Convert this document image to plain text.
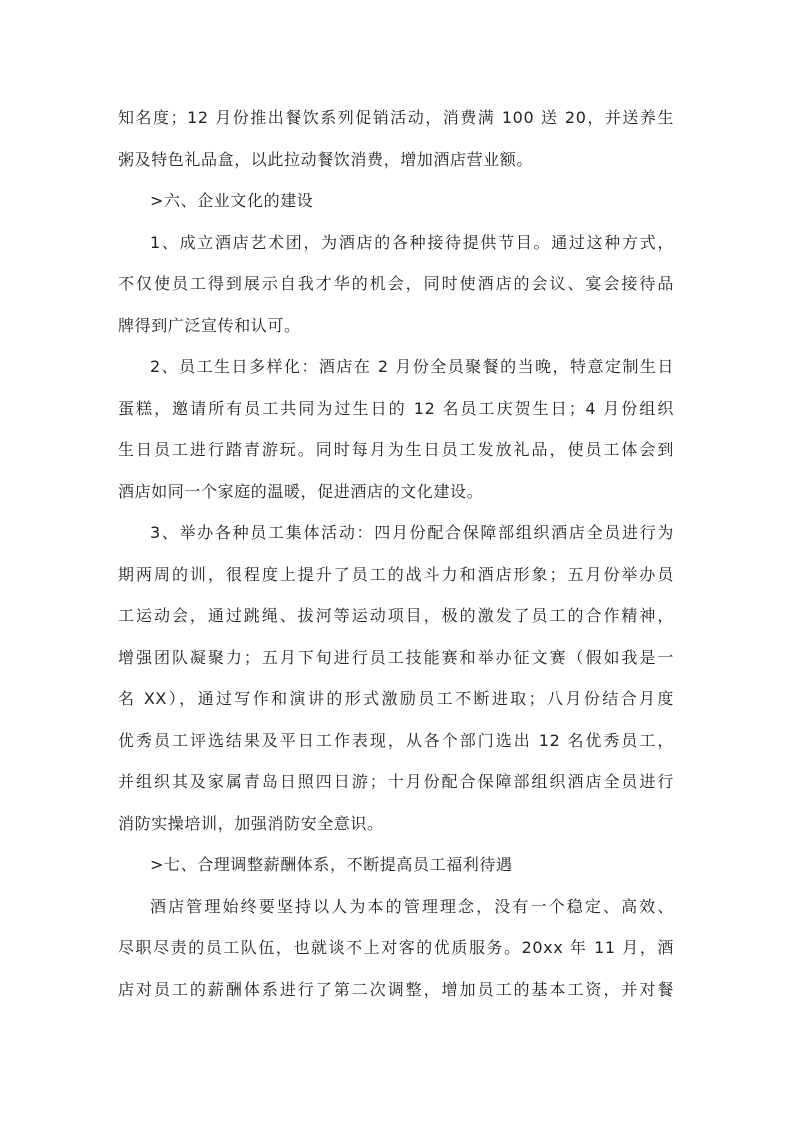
知名度；12 月份推出餐饮系列促销活动，消费满 100 送 20，并送养生
粥及特色礼品盒，以此拉动餐饮消费，增加酒店营业额。
>六、企业文化的建设
1、成立酒店艺术团，为酒店的各种接待提供节目。通过这种方式，
不仅使员工得到展示自我才华的机会，同时使酒店的会议、宴会接待品
牌得到广泛宣传和认可。
2、员工生日多样化：酒店在 2 月份全员聚餐的当晚，特意定制生日
蛋糕，邀请所有员工共同为过生日的 12 名员工庆贺生日；4 月份组织
生日员工进行踏青游玩。同时每月为生日员工发放礼品，使员工体会到
酒店如同一个家庭的温暖，促进酒店的文化建设。
3、举办各种员工集体活动：四月份配合保障部组织酒店全员进行为
期两周的训，很程度上提升了员工的战斗力和酒店形象；五月份举办员
工运动会，通过跳绳、拔河等运动项目，极的激发了员工的合作精神，
增强团队凝聚力；五月下旬进行员工技能赛和举办征文赛（假如我是一
名 XX），通过写作和演讲的形式激励员工不断进取；八月份结合月度
优秀员工评选结果及平日工作表现，从各个部门选出 12 名优秀员工，
并组织其及家属青岛日照四日游；十月份配合保障部组织酒店全员进行
消防实操培训，加强消防安全意识。
>七、合理调整薪酬体系，不断提高员工福利待遇
酒店管理始终要坚持以人为本的管理理念，没有一个稳定、高效、
尽职尽责的员工队伍，也就谈不上对客的优质服务。20xx 年 11 月，酒
店对员工的薪酬体系进行了第二次调整，增加员工的基本工资，并对餐
